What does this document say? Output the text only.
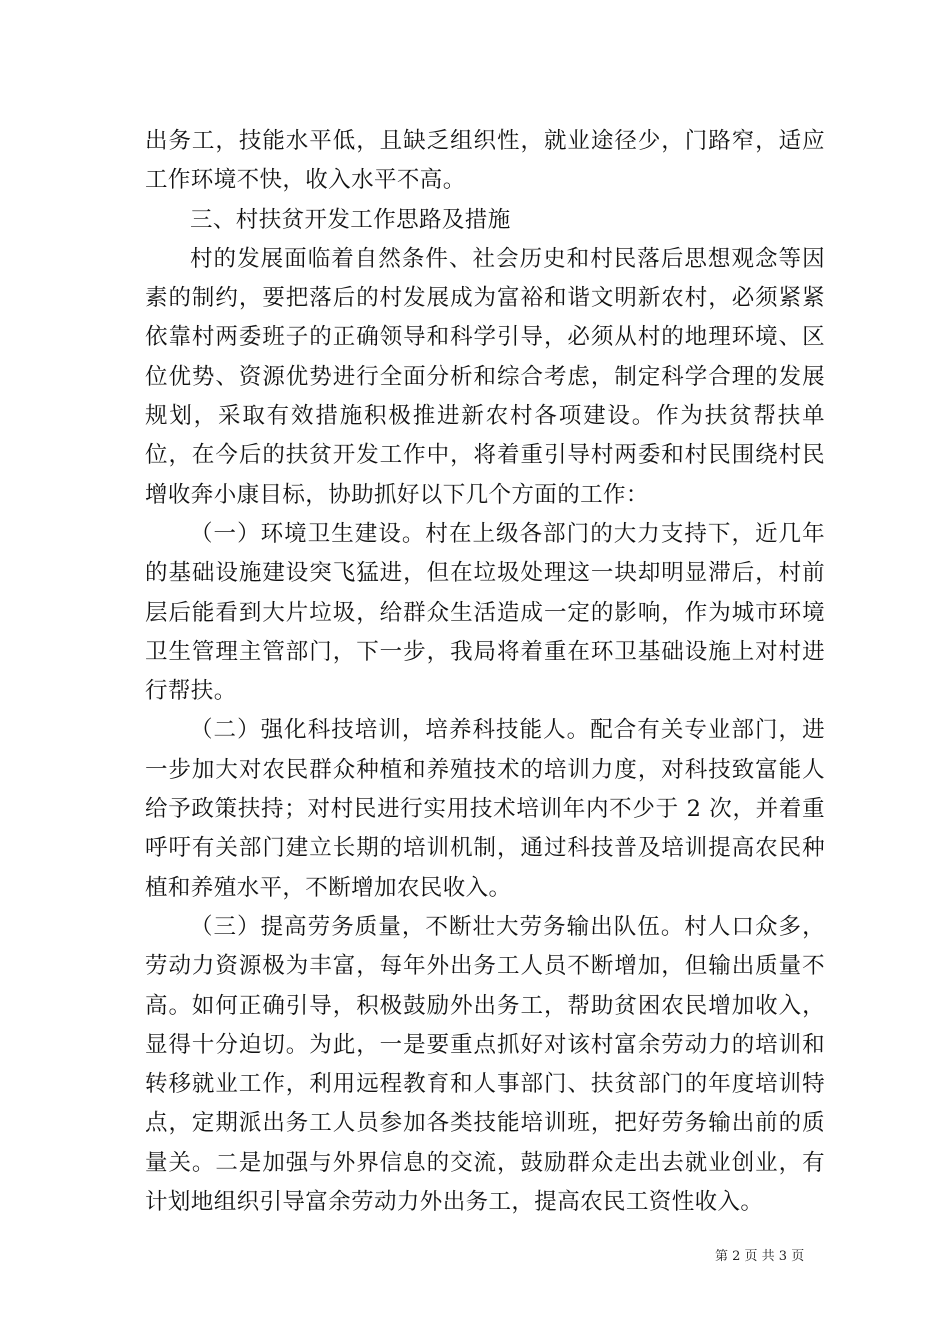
出务工，技能水平低，且缺乏组织性，就业途径少，门路窄，适应工作环境不快，收入水平不高。

三、村扶贫开发工作思路及措施

村的发展面临着自然条件、社会历史和村民落后思想观念等因素的制约，要把落后的村发展成为富裕和谐文明新农村，必须紧紧依靠村两委班子的正确领导和科学引导，必须从村的地理环境、区位优势、资源优势进行全面分析和综合考虑，制定科学合理的发展规划，采取有效措施积极推进新农村各项建设。作为扶贫帮扶单位，在今后的扶贫开发工作中，将着重引导村两委和村民围绕村民增收奔小康目标，协助抓好以下几个方面的工作：

（一）环境卫生建设。村在上级各部门的大力支持下，近几年的基础设施建设突飞猛进，但在垃圾处理这一块却明显滞后，村前层后能看到大片垃圾，给群众生活造成一定的影响，作为城市环境卫生管理主管部门，下一步，我局将着重在环卫基础设施上对村进行帮扶。

（二）强化科技培训，培养科技能人。配合有关专业部门，进一步加大对农民群众种植和养殖技术的培训力度，对科技致富能人给予政策扶持；对村民进行实用技术培训年内不少于 2 次，并着重呼吁有关部门建立长期的培训机制，通过科技普及培训提高农民种植和养殖水平，不断增加农民收入。

（三）提高劳务质量，不断壮大劳务输出队伍。村人口众多，劳动力资源极为丰富，每年外出务工人员不断增加，但输出质量不高。如何正确引导，积极鼓励外出务工，帮助贫困农民增加收入，显得十分迫切。为此，一是要重点抓好对该村富余劳动力的培训和转移就业工作，利用远程教育和人事部门、扶贫部门的年度培训特点，定期派出务工人员参加各类技能培训班，把好劳务输出前的质量关。二是加强与外界信息的交流，鼓励群众走出去就业创业，有计划地组织引导富余劳动力外出务工，提高农民工资性收入。

第 2 页 共 3 页
